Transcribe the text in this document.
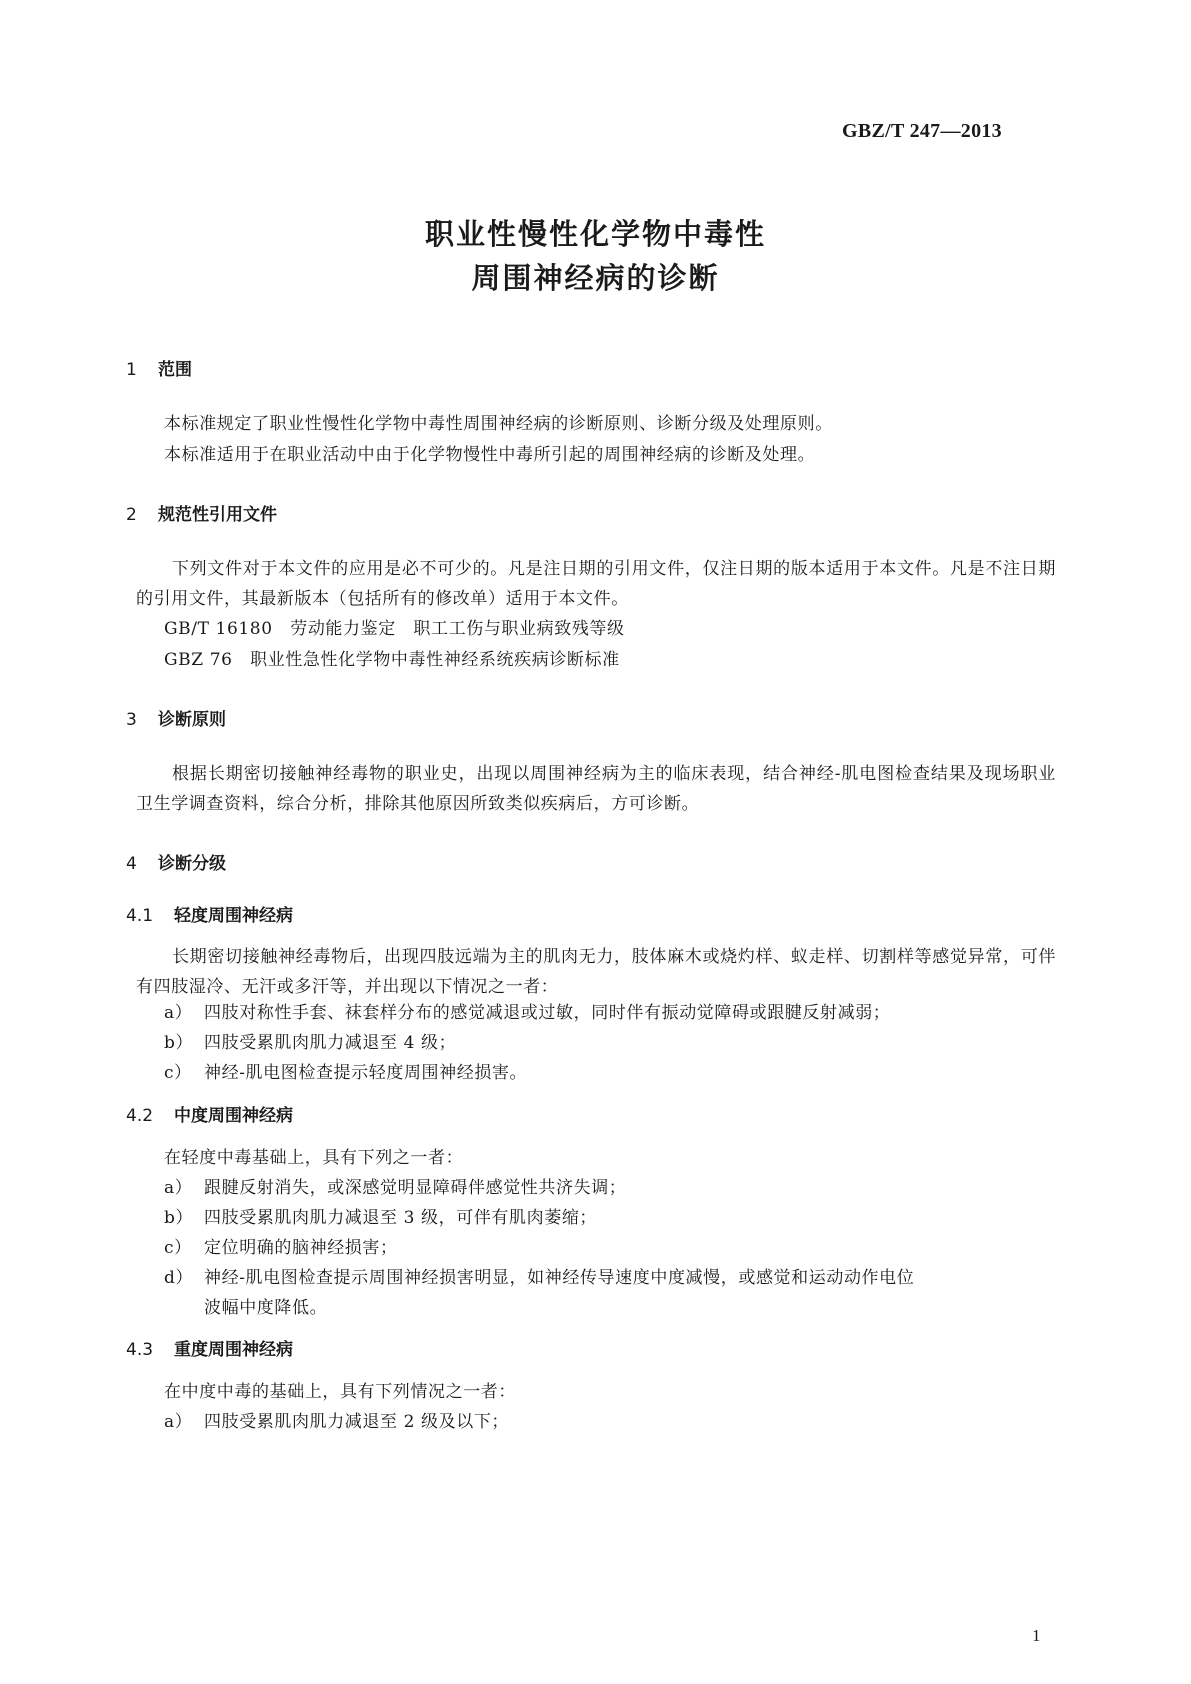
GBZ/T 247—2013
职业性慢性化学物中毒性
周围神经病的诊断
1 范围
本标准规定了职业性慢性化学物中毒性周围神经病的诊断原则、诊断分级及处理原则。
本标准适用于在职业活动中由于化学物慢性中毒所引起的周围神经病的诊断及处理。
2 规范性引用文件
下列文件对于本文件的应用是必不可少的。凡是注日期的引用文件，仅注日期的版本适用于本文件。凡是不注日期的引用文件，其最新版本（包括所有的修改单）适用于本文件。
GB/T 16180　劳动能力鉴定　职工工伤与职业病致残等级
GBZ 76　职业性急性化学物中毒性神经系统疾病诊断标准
3 诊断原则
根据长期密切接触神经毒物的职业史，出现以周围神经病为主的临床表现，结合神经-肌电图检查结果及现场职业卫生学调查资料，综合分析，排除其他原因所致类似疾病后，方可诊断。
4 诊断分级
4.1 轻度周围神经病
长期密切接触神经毒物后，出现四肢远端为主的肌肉无力，肢体麻木或烧灼样、蚁走样、切割样等感觉异常，可伴有四肢湿冷、无汗或多汗等，并出现以下情况之一者：
a） 四肢对称性手套、袜套样分布的感觉减退或过敏，同时伴有振动觉障碍或跟腱反射减弱；
b） 四肢受累肌肉肌力减退至 4 级；
c） 神经-肌电图检查提示轻度周围神经损害。
4.2 中度周围神经病
在轻度中毒基础上，具有下列之一者：
a） 跟腱反射消失，或深感觉明显障碍伴感觉性共济失调；
b） 四肢受累肌肉肌力减退至 3 级，可伴有肌肉萎缩；
c） 定位明确的脑神经损害；
d） 神经-肌电图检查提示周围神经损害明显，如神经传导速度中度减慢，或感觉和运动动作电位
波幅中度降低。
4.3 重度周围神经病
在中度中毒的基础上，具有下列情况之一者：
a） 四肢受累肌肉肌力减退至 2 级及以下；
1
